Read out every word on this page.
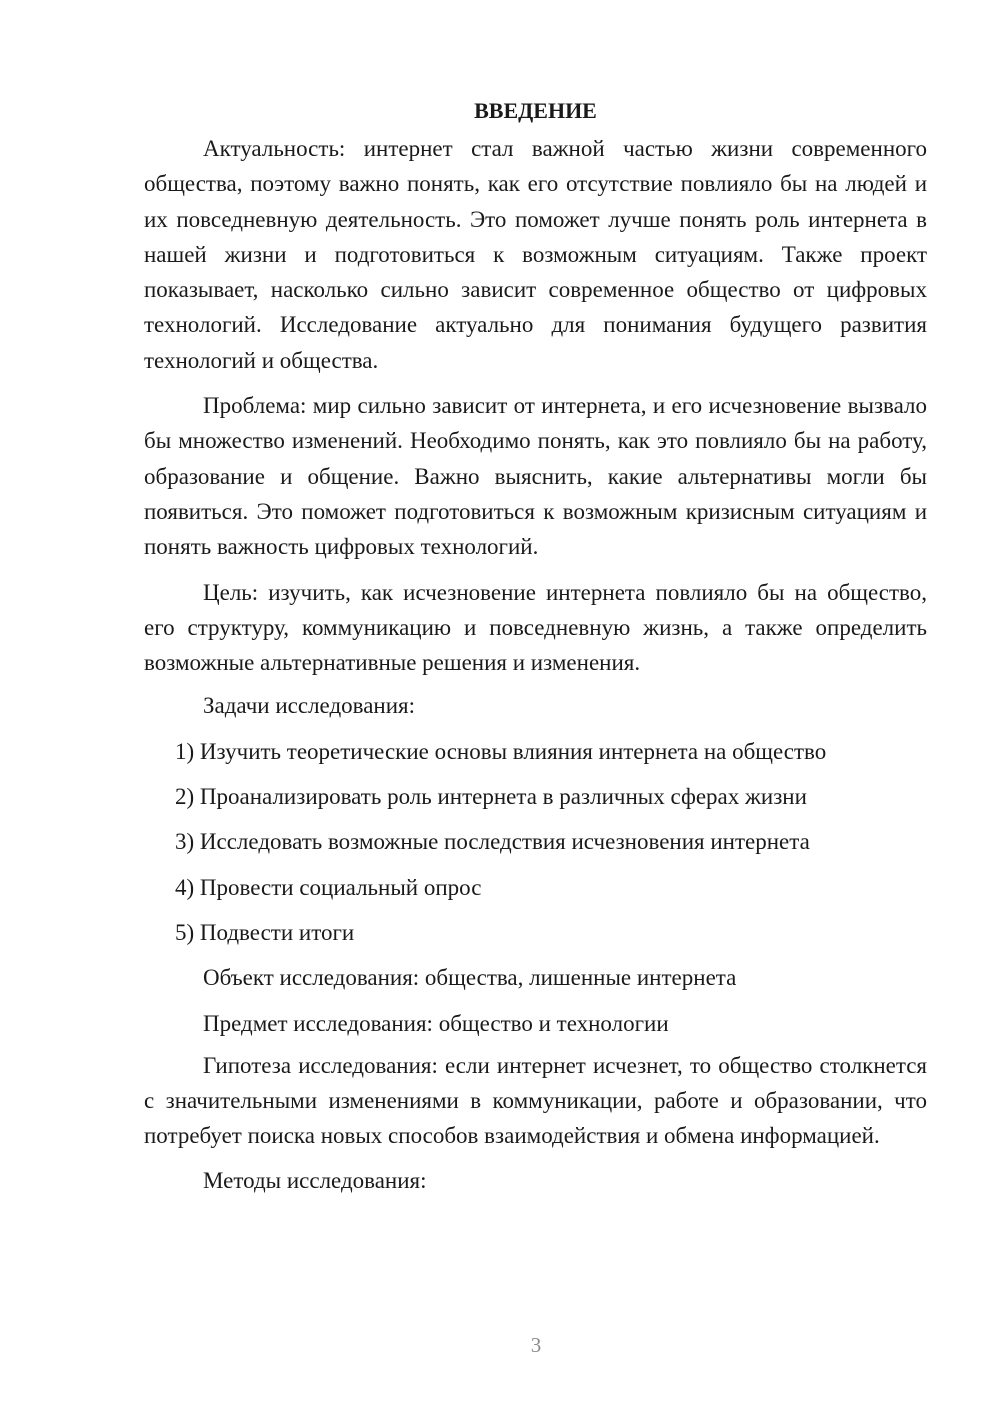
ВВЕДЕНИЕ

Актуальность: интернет стал важной частью жизни современного общества, поэтому важно понять, как его отсутствие повлияло бы на людей и их повседневную деятельность. Это поможет лучше понять роль интернета в нашей жизни и подготовиться к возможным ситуациям. Также проект показывает, насколько сильно зависит современное общество от цифровых технологий. Исследование актуально для понимания будущего развития технологий и общества.

Проблема: мир сильно зависит от интернета, и его исчезновение вызвало бы множество изменений. Необходимо понять, как это повлияло бы на работу, образование и общение. Важно выяснить, какие альтернативы могли бы появиться. Это поможет подготовиться к возможным кризисным ситуациям и понять важность цифровых технологий.

Цель: изучить, как исчезновение интернета повлияло бы на общество, его структуру, коммуникацию и повседневную жизнь, а также определить возможные альтернативные решения и изменения.

Задачи исследования:

1) Изучить теоретические основы влияния интернета на общество

2) Проанализировать роль интернета в различных сферах жизни

3) Исследовать возможные последствия исчезновения интернета

4) Провести социальный опрос

5) Подвести итоги

Объект исследования: общества, лишенные интернета

Предмет исследования: общество и технологии

Гипотеза исследования: если интернет исчезнет, то общество столкнется с значительными изменениями в коммуникации, работе и образовании, что потребует поиска новых способов взаимодействия и обмена информацией.

Методы исследования:

3
